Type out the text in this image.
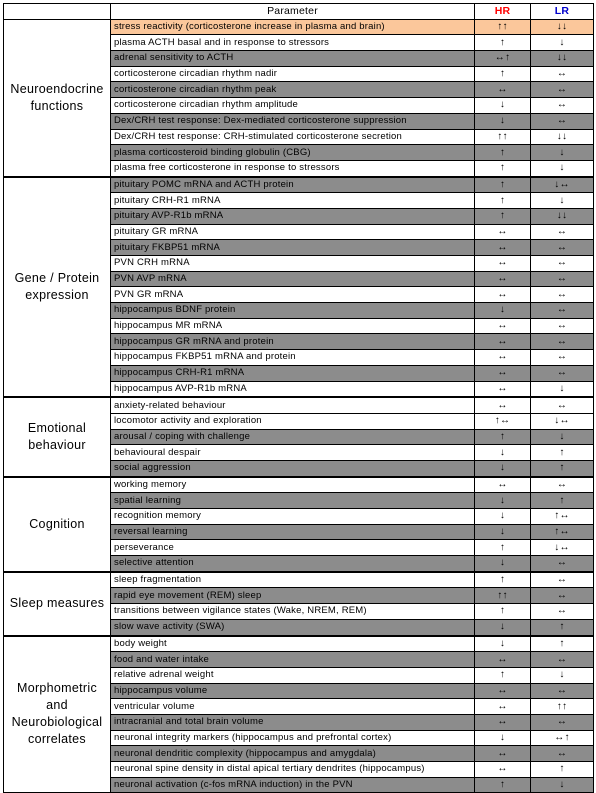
	Parameter	HR	LR
Neuroendocrine functions	stress reactivity (corticosterone increase in plasma and brain)	↑↑	↓↓
	plasma ACTH basal and in response to stressors	↑	↓
	adrenal sensitivity to ACTH	↔↑	↓↓
	corticosterone circadian rhythm nadir	↑	↔
	corticosterone circadian rhythm peak	↔	↔
	corticosterone circadian rhythm amplitude	↓	↔
	Dex/CRH test response: Dex-mediated corticosterone suppression	↓	↔
	Dex/CRH test response: CRH-stimulated corticosterone secretion	↑↑	↓↓
	plasma corticosteroid binding globulin (CBG)	↑	↓
	plasma free corticosterone in response to stressors	↑	↓
Gene / Protein expression	pituitary POMC mRNA and ACTH protein	↑	↓↔
	pituitary CRH-R1 mRNA	↑	↓
	pituitary AVP-R1b mRNA	↑	↓↓
	pituitary GR mRNA	↔	↔
	pituitary FKBP51 mRNA	↔	↔
	PVN CRH mRNA	↔	↔
	PVN AVP mRNA	↔	↔
	PVN GR mRNA	↔	↔
	hippocampus BDNF protein	↓	↔
	hippocampus MR mRNA	↔	↔
	hippocampus GR mRNA and protein	↔	↔
	hippocampus FKBP51 mRNA and protein	↔	↔
	hippocampus CRH-R1 mRNA	↔	↔
	hippocampus AVP-R1b mRNA	↔	↓
Emotional behaviour	anxiety-related behaviour	↔	↔
	locomotor activity and exploration	↑↔	↓↔
	arousal / coping with challenge	↑	↓
	behavioural despair	↓	↑
	social aggression	↓	↑
Cognition	working memory	↔	↔
	spatial learning	↓	↑
	recognition memory	↓	↑↔
	reversal learning	↓	↑↔
	perseverance	↑	↓↔
	selective attention	↓	↔
Sleep measures	sleep fragmentation	↑	↔
	rapid eye movement (REM) sleep	↑↑	↔
	transitions between vigilance states (Wake, NREM, REM)	↑	↔
	slow wave activity (SWA)	↓	↑
Morphometric and Neurobiological correlates	body weight	↓	↑
	food and water intake	↔	↔
	relative adrenal weight	↑	↓
	hippocampus volume	↔	↔
	ventricular volume	↔	↑↑
	intracranial and total brain volume	↔	↔
	neuronal integrity markers (hippocampus and prefrontal cortex)	↓	↔↑
	neuronal dendritic complexity (hippocampus and amygdala)	↔	↔
	neuronal spine density in distal apical tertiary dendrites (hippocampus)	↔	↑
	neuronal activation (c-fos mRNA induction) in the PVN	↑	↓
